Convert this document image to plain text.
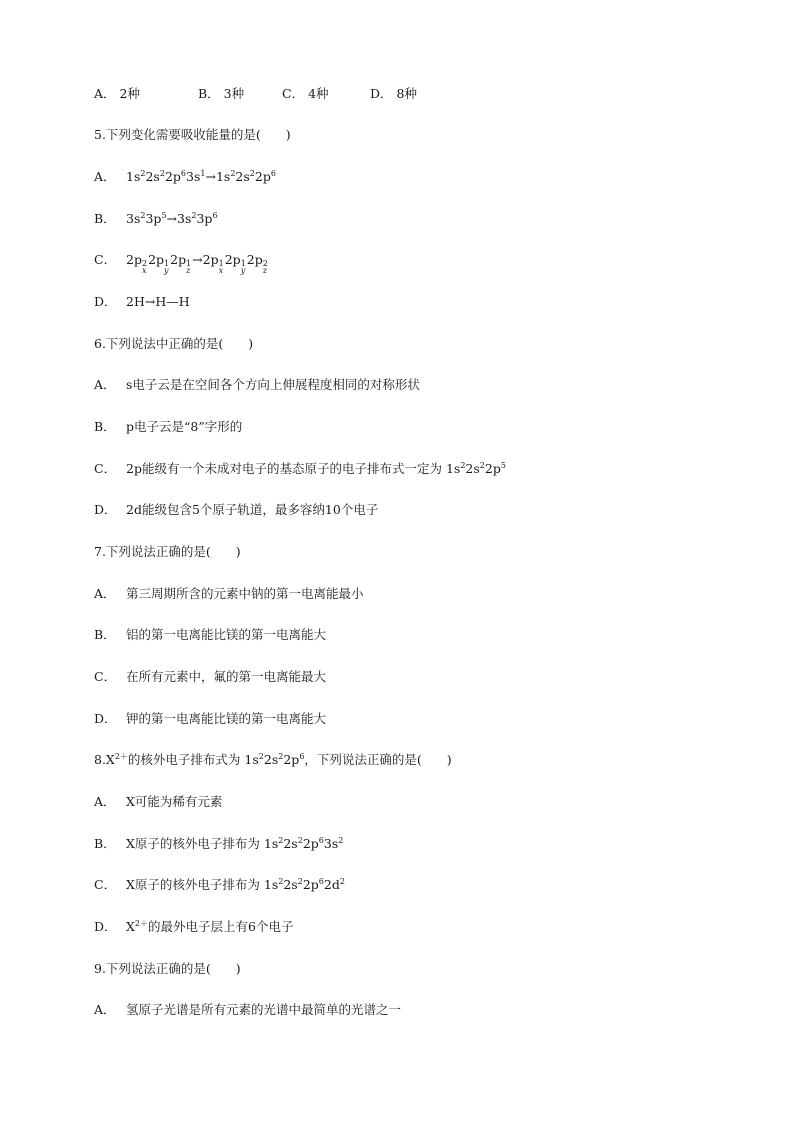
A． 2种	B． 3种	C． 4种	D． 8种
5.下列变化需要吸收能量的是(　　)
A． $1s^22s^22p^63s^1\to 1s^22s^22p^6$
B． $3s^23p^5\to 3s^23p^6$
C． 2p 2
x
2p 1
y
2p 1
z
→2p 1
x
2p 1
y
2p 2
z
D． 2H→H—H
6.下列说法中正确的是(　　)
A． s电子云是在空间各个方向上伸展程度相同的对称形状
B． p电子云是“8”字形的
C． 2p能级有一个未成对电子的基态原子的电子排布式一定为 $1s^22s^22p^5$
D． 2d能级包含5个原子轨道，最多容纳10个电子
7.下列说法正确的是(　　)
A． 第三周期所含的元素中钠的第一电离能最小
B． 铝的第一电离能比镁的第一电离能大
C． 在所有元素中，氟的第一电离能最大
D． 钾的第一电离能比镁的第一电离能大
$8.X^{2+}$的核外电子排布式为 $1s^22s^22p^6$，下列说法正确的是(　　)
A． X可能为稀有元素
B． X原子的核外电子排布为 $1s^22s^22p^63s^2$
C． X原子的核外电子排布为 $1s^22s^22p^62d^2$
D． $X^{2+}$的最外电子层上有6个电子
9.下列说法正确的是(　　)
A． 氢原子光谱是所有元素的光谱中最简单的光谱之一
